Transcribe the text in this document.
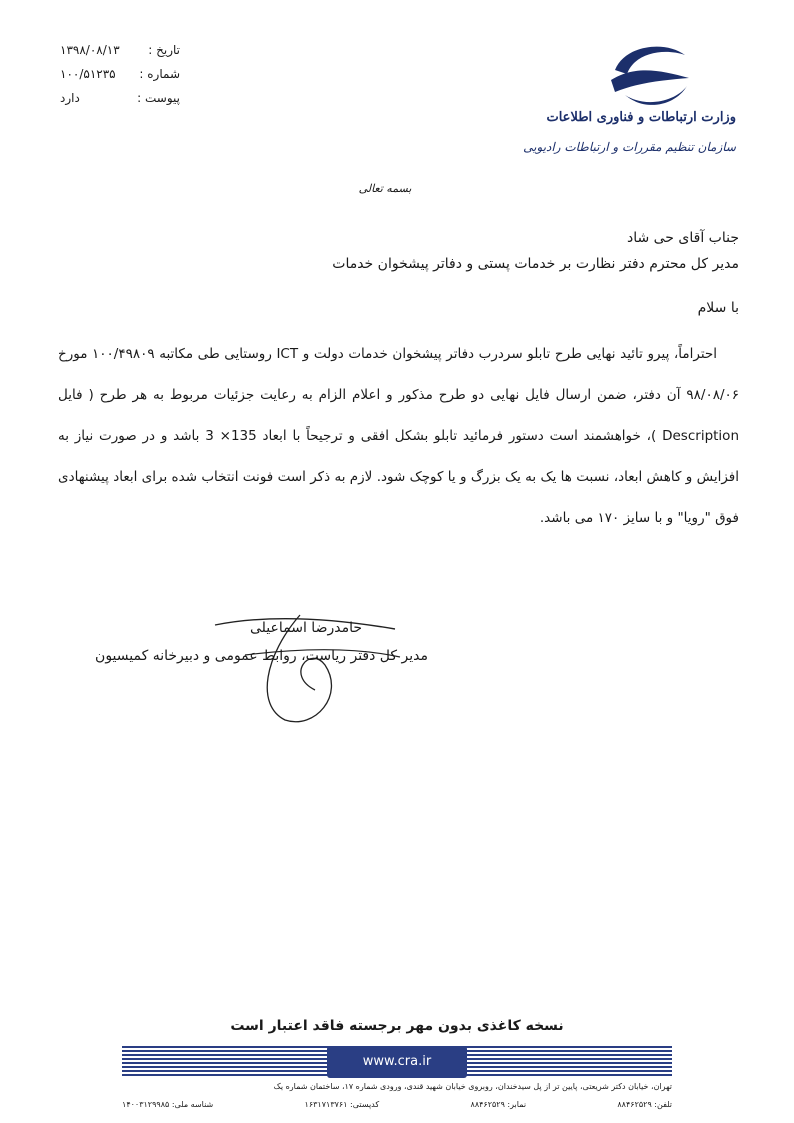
تاریخ :
۱۳۹۸/۰۸/۱۳
شماره :
۱۰۰/۵۱۲۳۵
پیوست :
دارد
وزارت ارتباطات و فناوری اطلاعات
سازمان تنظیم مقررات و ارتباطات رادیویی
بسمه تعالی
جناب آقای حی شاد
مدیر کل محترم دفتر نظارت بر خدمات پستی و دفاتر پیشخوان خدمات
با سلام

احتراماً، پیرو تائید نهایی طرح تابلو سردرب دفاتر پیشخوان خدمات دولت و ICT روستایی طی مکاتبه ۱۰۰/۴۹۸۰۹ مورخ ۹۸/۰۸/۰۶ آن دفتر، ضمن ارسال فایل نهایی دو طرح مذکور و اعلام الزام به رعایت جزئیات مربوط به هر طرح ( فایل Description )، خواهشمند است دستور فرمائید تابلو بشکل افقی و ترجیحاً با ابعاد 135× 3 باشد و در صورت نیاز به افزایش و کاهش ابعاد، نسبت ها یک به یک بزرگ و یا کوچک شود. لازم به ذکر است فونت انتخاب شده برای ابعاد پیشنهادی فوق "رویا" و با سایز ۱۷۰ می باشد.

حامدرضا اسماعیلی
مدیر کل دفتر ریاست، روابط عمومی و دبیرخانه کمیسیون
نسخه کاغذی بدون مهر برجسته فاقد اعتبار است
www.cra.ir
تهران، خیابان دکتر شریعتی، پایین تر از پل سیدخندان، روبروی خیابان شهید قندی، ورودی شماره ۱۷، ساختمان شماره یک
تلفن: ۸۸۴۶۲۵۲۹
نمابر: ۸۸۴۶۲۵۲۹
کدپستی: ۱۶۳۱۷۱۳۷۶۱
شناسه ملی: ۱۴۰۰۳۱۲۹۹۸۵
